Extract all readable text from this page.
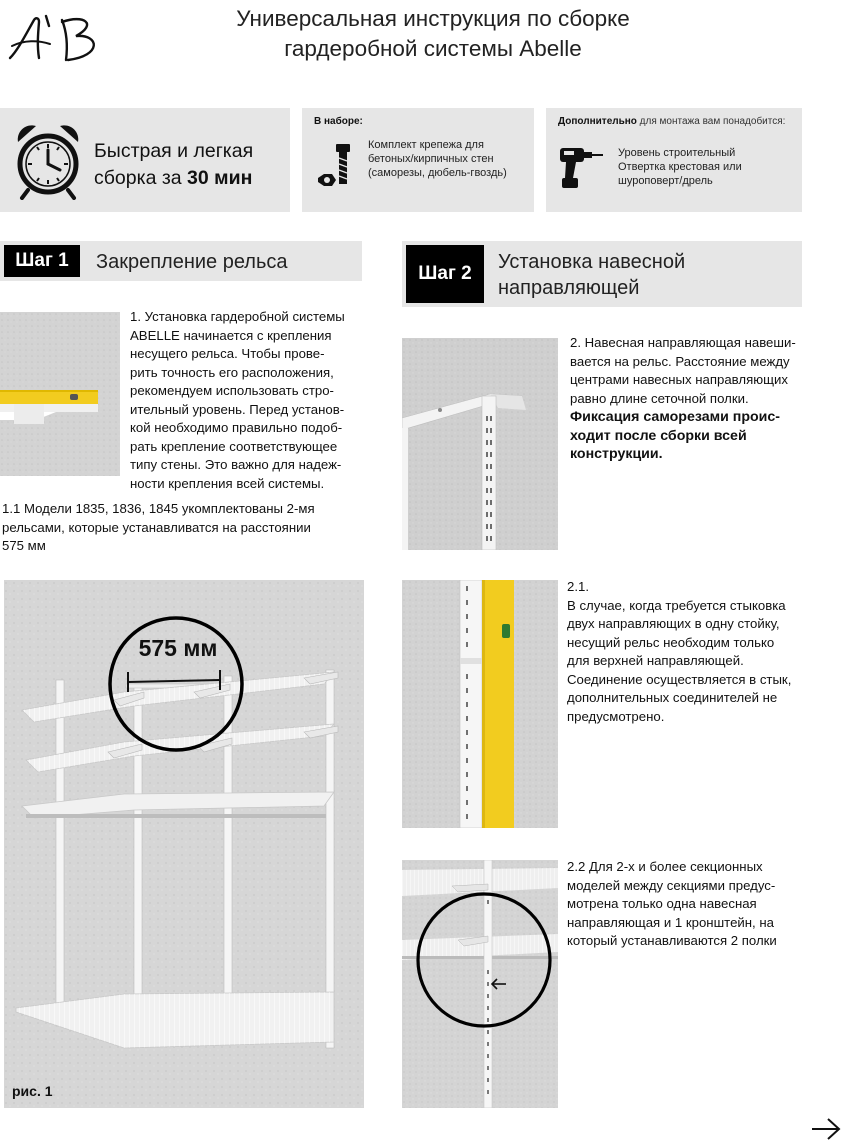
Универсальная инструкция по сборке
гардеробной системы Abelle
Быстрая и легкая
сборка за 30 мин
В наборе:
Комплект крепежа для
бетоных/кирпичных стен
(саморезы, дюбель-гвоздь)
Дополнительно для монтажа вам понадобится:
Уровень строительный
Отвертка крестовая или
шуроповерт/дрель
Шаг 1	Закрепление рельса
Шаг 2
Установка навесной
направляющей
1. Установка гардеробной системы
ABELLE начинается с крепления
несущего рельса. Чтобы прове-
рить точность его расположения,
рекомендуем использовать стро-
ительный уровень. Перед установ-
кой необходимо правильно подоб-
рать крепление соответствующее
типу стены. Это важно для надеж-
ности крепления всей системы.
1.1 Модели 1835, 1836, 1845 укомплектованы 2-мя
рельсами, которые устанавливатся на расстоянии
575 мм
575 мм
рис. 1
2. Навесная направляющая навеши-
вается на рельс. Расстояние между
центрами навесных направляющих
равно длине сеточной полки.
Фиксация саморезами проис-
ходит после сборки всей
конструкции.
2.1.
В случае, когда требуется стыковка
двух направляющих в одну стойку,
несущий рельс необходим только
для верхней направляющей.
Соединение осуществляется в стык,
дополнительных соединителей не
предусмотрено.
2.2 Для 2-х и более секционных
моделей между секциями предус-
мотрена только одна навесная
направляющая и 1 кронштейн, на
который устанавливаются 2 полки
